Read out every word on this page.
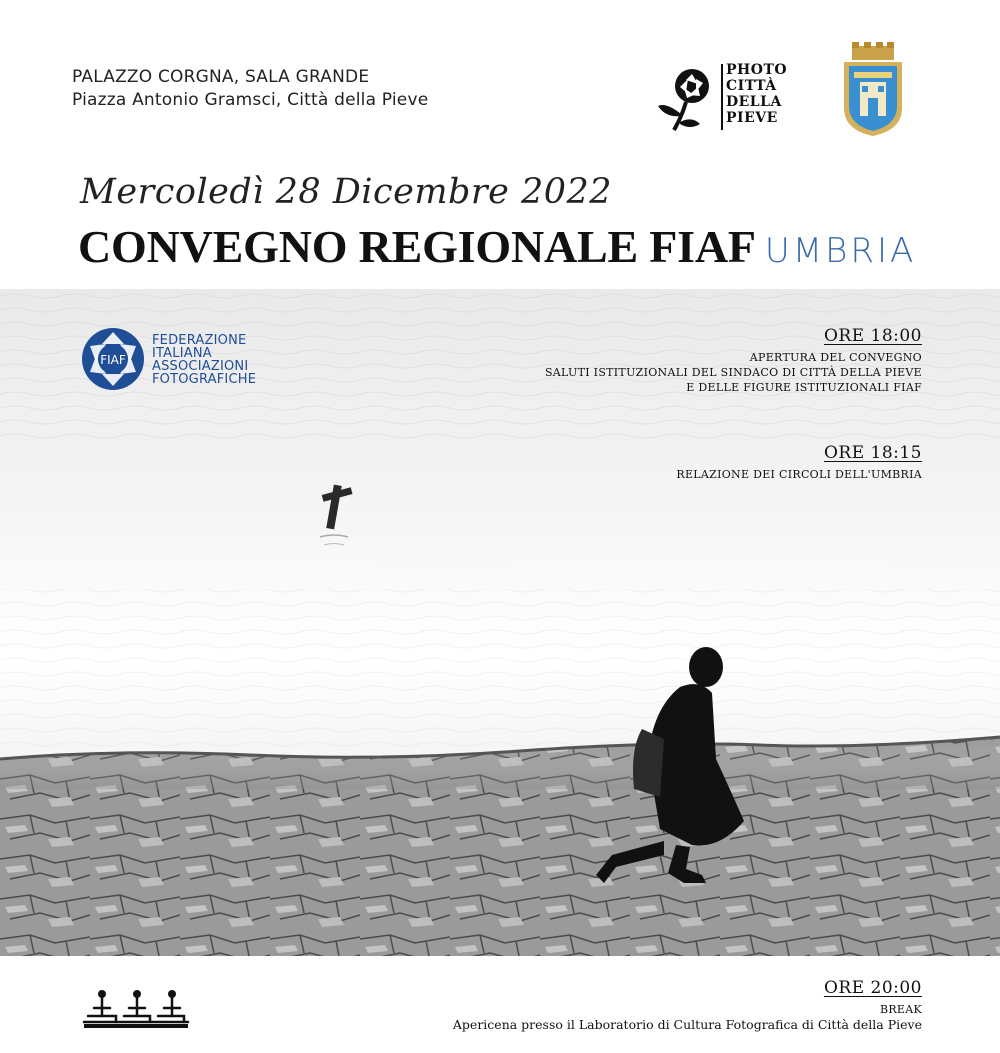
PALAZZO CORGNA, SALA GRANDE
Piazza Antonio Gramsci, Città della Pieve
PHOTO
CITTÀ
DELLA
PIEVE
Mercoledì 28 Dicembre 2022
CONVEGNO REGIONALE FIAF UMBRIA
FIAF
FEDERAZIONE
ITALIANA
ASSOCIAZIONI
FOTOGRAFICHE
ORE 18:00
APERTURA DEL CONVEGNO
SALUTI ISTITUZIONALI DEL SINDACO DI CITTÀ DELLA PIEVE
E DELLE FIGURE ISTITUZIONALI FIAF
ORE 18:15
RELAZIONE DEI CIRCOLI DELL'UMBRIA
ORE 20:00
BREAK
Apericena presso il Laboratorio di Cultura Fotografica di Città della Pieve
